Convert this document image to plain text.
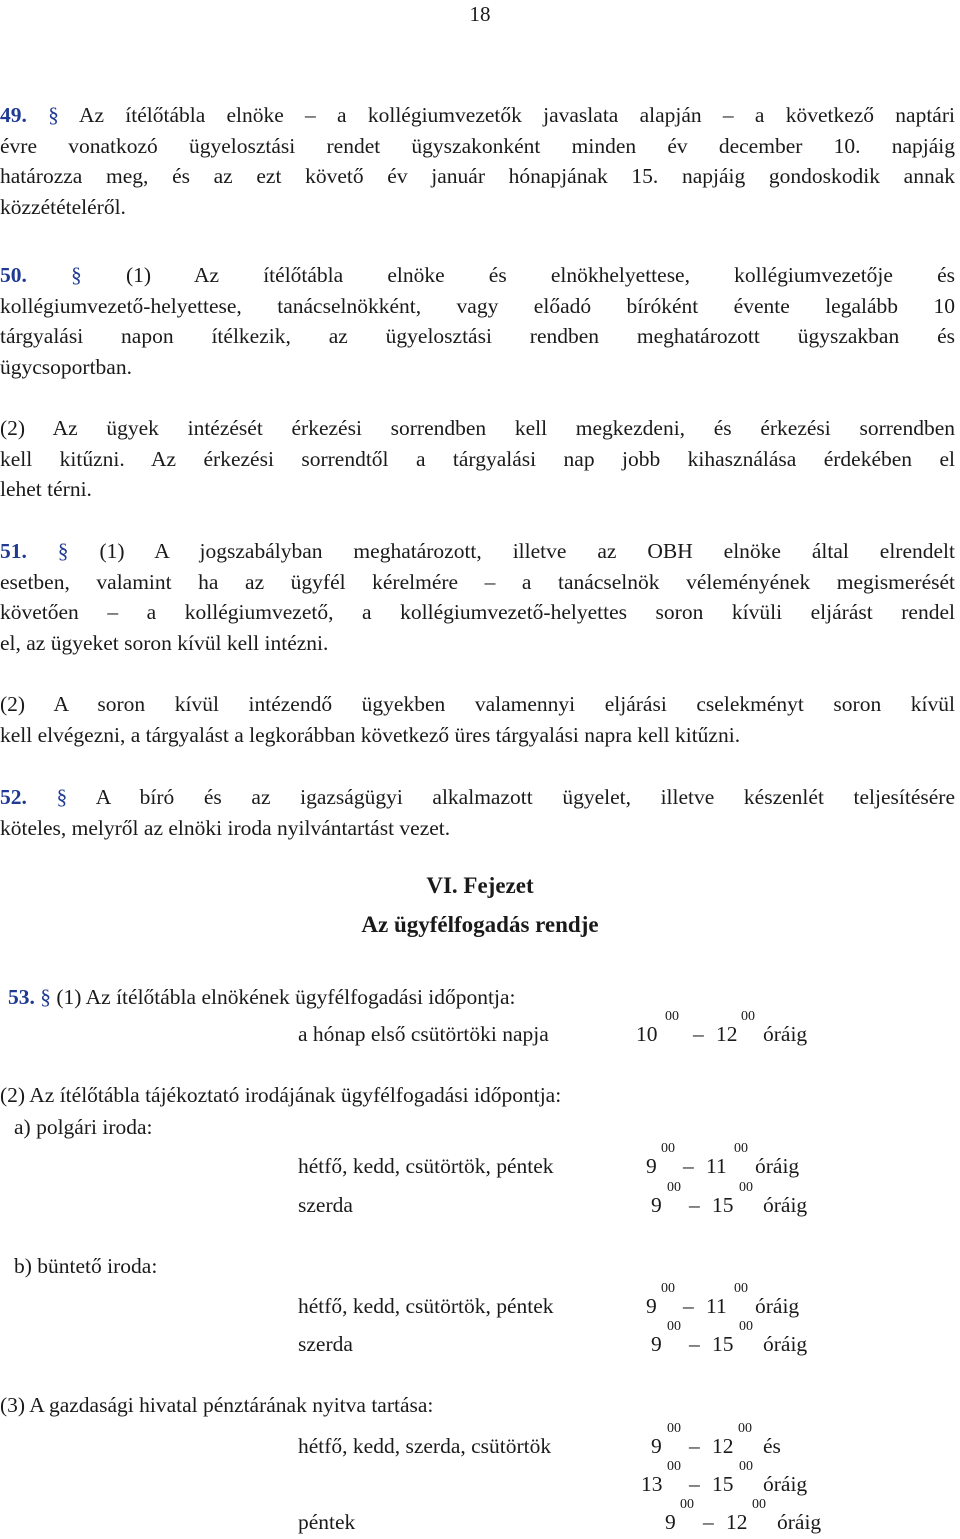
18
49. § Az ítélőtábla elnöke – a kollégiumvezetők javaslata alapján – a következő naptári
évre vonatkozó ügyelosztási rendet ügyszakonként minden év december 10. napjáig
határozza meg, és az ezt követő év január hónapjának 15. napjáig gondoskodik annak
közzétételéről.
50. § (1) Az ítélőtábla elnöke és elnökhelyettese, kollégiumvezetője és
kollégiumvezető-helyettese, tanácselnökként, vagy előadó bíróként évente legalább 10
tárgyalási napon ítélkezik, az ügyelosztási rendben meghatározott ügyszakban és
ügycsoportban.
(2) Az ügyek intézését érkezési sorrendben kell megkezdeni, és érkezési sorrendben
kell kitűzni. Az érkezési sorrendtől a tárgyalási nap jobb kihasználása érdekében el
lehet térni.
51. § (1) A jogszabályban meghatározott, illetve az OBH elnöke által elrendelt
esetben, valamint ha az ügyfél kérelmére – a tanácselnök véleményének megismerését
követően – a kollégiumvezető, a kollégiumvezető-helyettes soron kívüli eljárást rendel
el, az ügyeket soron kívül kell intézni.
(2) A soron kívül intézendő ügyekben valamennyi eljárási cselekményt soron kívül
kell elvégezni, a tárgyalást a legkorábban következő üres tárgyalási napra kell kitűzni.
52. § A bíró és az igazságügyi alkalmazott ügyelet, illetve készenlét teljesítésére
köteles, melyről az elnöki iroda nyilvántartást vezet.
VI. Fejezet
Az ügyfélfogadás rendje
53. § (1) Az ítélőtábla elnökének ügyfélfogadási időpontja:
a hónap első csütörtöki napja	10
00
– 12
00
óráig
(2) Az ítélőtábla tájékoztató irodájának ügyfélfogadási időpontja:
a) polgári iroda:
hétfő, kedd, csütörtök, péntek	9
00
– 11
00
óráig
szerda	9
00
– 15
00
óráig
b) büntető iroda:
hétfő, kedd, csütörtök, péntek	9
00
– 11
00
óráig
szerda	9
00
– 15
00
óráig
(3) A gazdasági hivatal pénztárának nyitva tartása:
hétfő, kedd, szerda, csütörtök	9
00
– 12
00
és
13
00
– 15
00
óráig
péntek	9
00
– 12
00
óráig
